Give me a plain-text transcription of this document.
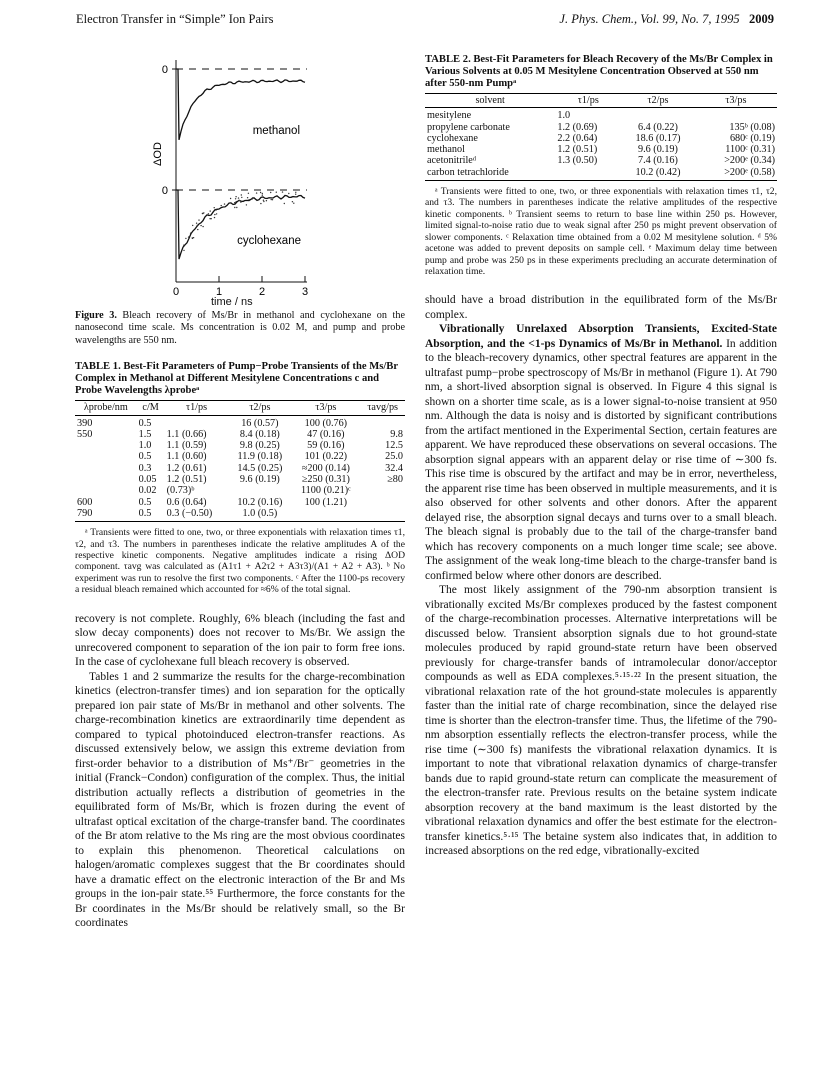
Electron Transfer in “Simple” Ion Pairs	J. Phys. Chem., Vol. 99, No. 7, 1995 2009
0
0
methanol
cyclohexane
ΔOD
0	1	2	3
time / ns
Figure 3. Bleach recovery of Ms/Br in methanol and cyclohexane on the nanosecond time scale. Ms concentration is 0.02 M, and pump and probe wavelengths are 550 nm.
TABLE 1. Best-Fit Parameters of Pump−Probe Transients of the Ms/Br Complex in Methanol at Different Mesitylene Concentrations c and Probe Wavelengths λprobeᵃ
λprobe/nm	c/M	τ1/ps	τ2/ps	τ3/ps	τavg/ps
390	0.5		16 (0.57)	100 (0.76)	
550	1.5	1.1 (0.66)	8.4 (0.18)	47 (0.16)	9.8
	1.0	1.1 (0.59)	9.8 (0.25)	59 (0.16)	12.5
	0.5	1.1 (0.60)	11.9 (0.18)	101 (0.22)	25.0
	0.3	1.2 (0.61)	14.5 (0.25)	≈200 (0.14)	32.4
	0.05	1.2 (0.51)	9.6 (0.19)	≥250 (0.31)	≥80
	0.02	(0.73)ᵇ		1100 (0.21)ᶜ	
600	0.5	0.6 (0.64)	10.2 (0.16)	100 (1.21)	
790	0.5	0.3 (−0.50)	1.0 (0.5)		
ᵃ Transients were fitted to one, two, or three exponentials with relaxation times τ1, τ2, and τ3. The numbers in parentheses indicate the relative amplitudes A of the respective kinetic components. Negative amplitudes indicate a rising ΔOD component. τavg was calculated as (A1τ1 + A2τ2 + A3τ3)/(A1 + A2 + A3). ᵇ No experiment was run to resolve the first two components. ᶜ After the 1100-ps recovery a residual bleach remained which accounted for ≈6% of the total signal.

recovery is not complete. Roughly, 6% bleach (including the fast and slow decay components) does not recover to Ms/Br. We assign the unrecovered component to separation of the ion pair to form free ions. In the case of cyclohexane full bleach recovery is observed.

Tables 1 and 2 summarize the results for the charge-recombination kinetics (electron-transfer times) and ion separation for the optically prepared ion pair state of Ms/Br in methanol and other solvents. The charge-recombination kinetics are extraordinarily time dependent as compared to typical photoinduced electron-transfer reactions. As discussed extensively below, we assign this extreme deviation from first-order behavior to a distribution of Ms⁺/Br⁻ geometries in the initial (Franck−Condon) configuration of the complex. Thus, the initial distribution actually reflects a distribution of geometries in the equilibrated form of Ms/Br, which is frozen during the event of ultrafast optical excitation of the charge-transfer band. The coordinates of the Br atom relative to the Ms ring are the most obvious coordinates to explain this phenomenon. Theoretical calculations on halogen/aromatic complexes suggest that the Br coordinates should have a dramatic effect on the electronic interaction of the Br and Ms groups in the ion-pair state.⁵⁵ Furthermore, the force constants for the Br coordinates in the Ms/Br should be relatively small, so the Br coordinates

TABLE 2. Best-Fit Parameters for Bleach Recovery of the Ms/Br Complex in Various Solvents at 0.05 M Mesitylene Concentration Observed at 550 nm after 550-nm Pumpᵃ
solvent	τ1/ps	τ2/ps	τ3/ps
mesitylene	1.0		
propylene carbonate	1.2 (0.69)	6.4 (0.22)	135ᵇ (0.08)
cyclohexane	2.2 (0.64)	18.6 (0.17)	680ᶜ (0.19)
methanol	1.2 (0.51)	9.6 (0.19)	1100ᶜ (0.31)
acetonitrileᵈ	1.3 (0.50)	7.4 (0.16)	>200ᵉ (0.34)
carbon tetrachloride		10.2 (0.42)	>200ᵉ (0.58)
ᵃ Transients were fitted to one, two, or three exponentials with relaxation times τ1, τ2, and τ3. The numbers in parentheses indicate the relative amplitudes of the respective kinetic components. ᵇ Transient seems to return to base line within 250 ps. However, limited signal-to-noise ratio due to weak signal after 250 ps might prevent observation of slower components. ᶜ Relaxation time obtained from a 0.02 M mesitylene solution. ᵈ 5% acetone was added to prevent deposits on sample cell. ᵉ Maximum delay time between pump and probe was 250 ps in these experiments precluding an accurate determination of relaxation time.

should have a broad distribution in the equilibrated form of the Ms/Br complex.

Vibrationally Unrelaxed Absorption Transients, Excited-State Absorption, and the <1-ps Dynamics of Ms/Br in Methanol. In addition to the bleach-recovery dynamics, other spectral features are apparent in the ultrafast pump−probe spectroscopy of Ms/Br in methanol (Figure 1). At 790 nm, a short-lived absorption signal is observed. In Figure 4 this signal is shown on a shorter time scale, as is a lower signal-to-noise transient at 950 nm. Although the data is noisy and is distorted by significant contributions from the artifact mentioned in the Experimental Section, certain features are apparent. We have reproduced these observations on several occasions. The absorption signal appears with an apparent delay or rise time of ∼300 fs. This rise time is obscured by the artifact and may be in error, nevertheless, the apparent rise time has been observed in multiple measurements, and it is also observed for other solvents and other donors. After the apparent delayed rise, the absorption signal decays and turns over to a small bleach. The bleach signal is probably due to the tail of the charge-transfer band which has recovery components on a much longer time scale; see above. The assignment of the weak long-time bleach to the charge-transfer band is confirmed below where other donors are described.

The most likely assignment of the 790-nm absorption transient is vibrationally excited Ms/Br complexes produced by the fastest component of the charge-recombination processes. Alternative interpretations will be discussed below. Transient absorption signals due to hot ground-state molecules produced by rapid ground-state return have been observed previously for charge-transfer bands of intramolecular donor/acceptor compounds as well as EDA complexes.⁵·¹⁵·²² In the present situation, the vibrational relaxation rate of the hot ground-state molecules is apparently faster than the initial rate of charge recombination, since the delayed rise time is shorter than the electron-transfer time. Thus, the lifetime of the 790-nm absorption essentially reflects the electron-transfer process, while the rise time (∼300 fs) manifests the vibrational relaxation dynamics. It is important to note that vibrational relaxation dynamics of charge-transfer bands due to rapid ground-state return can complicate the measurement of the electron-transfer rate. Previous results on the betaine system indicate absorption recovery at the band maximum is the least distorted by the vibrational relaxation dynamics and offer the best estimate for the electron-transfer kinetics.⁵·¹⁵ The betaine system also indicates that, in addition to increased absorptions on the red edge, vibrationally-excited
